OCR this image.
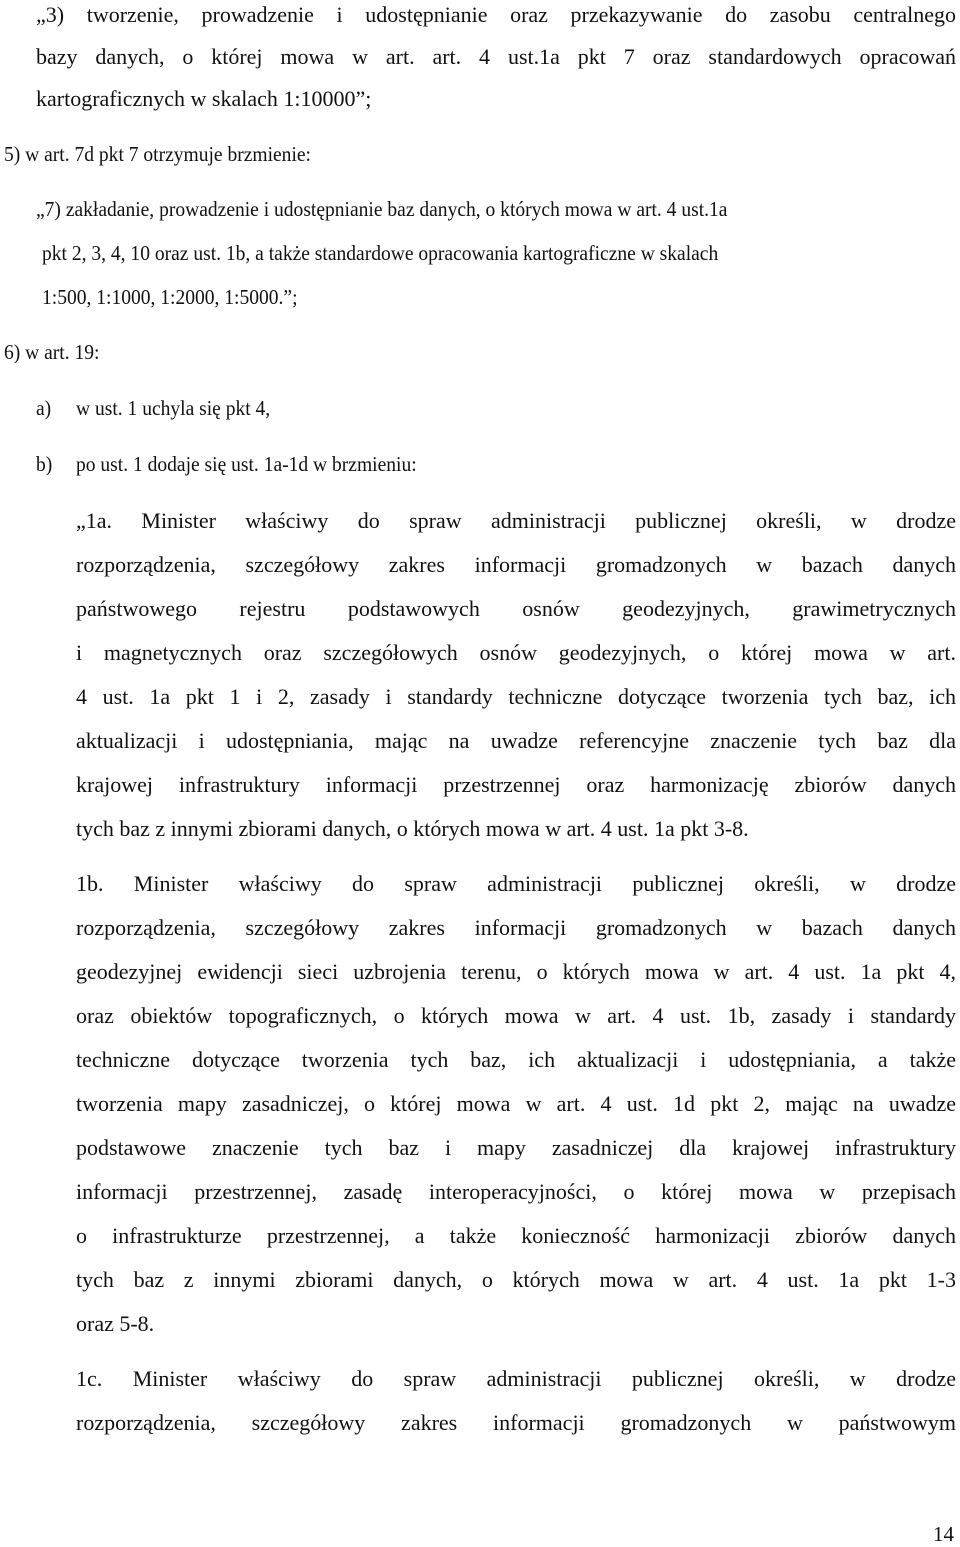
„3) tworzenie, prowadzenie i udostępnianie oraz przekazywanie do zasobu centralnego
bazy danych, o której mowa w art. art. 4 ust.1a pkt 7 oraz standardowych opracowań
kartograficznych w skalach 1:10000”;
5) w art. 7d pkt 7 otrzymuje brzmienie:
„7) zakładanie, prowadzenie i udostępnianie baz danych, o których mowa w art. 4 ust.1a
pkt 2, 3, 4, 10 oraz ust. 1b, a także standardowe opracowania kartograficzne w skalach
1:500, 1:1000, 1:2000, 1:5000.”;
6) w art. 19:
a) w ust. 1 uchyla się pkt 4,
b) po ust. 1 dodaje się ust. 1a-1d w brzmieniu:
„1a. Minister właściwy do spraw administracji publicznej określi, w drodze
rozporządzenia, szczegółowy zakres informacji gromadzonych w bazach danych
państwowego rejestru podstawowych osnów geodezyjnych, grawimetrycznych
i magnetycznych oraz szczegółowych osnów geodezyjnych, o której mowa w art.
4 ust. 1a pkt 1 i 2, zasady i standardy techniczne dotyczące tworzenia tych baz, ich
aktualizacji i udostępniania, mając na uwadze referencyjne znaczenie tych baz dla
krajowej infrastruktury informacji przestrzennej oraz harmonizację zbiorów danych
tych baz z innymi zbiorami danych, o których mowa w art. 4 ust. 1a pkt 3-8.
1b. Minister właściwy do spraw administracji publicznej określi, w drodze
rozporządzenia, szczegółowy zakres informacji gromadzonych w bazach danych
geodezyjnej ewidencji sieci uzbrojenia terenu, o których mowa w art. 4 ust. 1a pkt 4,
oraz obiektów topograficznych, o których mowa w art. 4 ust. 1b, zasady i standardy
techniczne dotyczące tworzenia tych baz, ich aktualizacji i udostępniania, a także
tworzenia mapy zasadniczej, o której mowa w art. 4 ust. 1d pkt 2, mając na uwadze
podstawowe znaczenie tych baz i mapy zasadniczej dla krajowej infrastruktury
informacji przestrzennej, zasadę interoperacyjności, o której mowa w przepisach
o infrastrukturze przestrzennej, a także konieczność harmonizacji zbiorów danych
tych baz z innymi zbiorami danych, o których mowa w art. 4 ust. 1a pkt 1-3
oraz 5-8.
1c. Minister właściwy do spraw administracji publicznej określi, w drodze
rozporządzenia, szczegółowy zakres informacji gromadzonych w państwowym
14
